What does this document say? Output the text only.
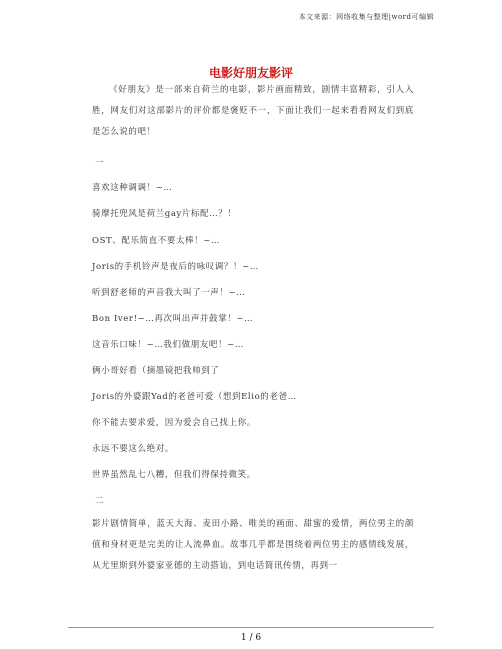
本文来源：网络收集与整理|word可编辑
电影好朋友影评
《好朋友》是一部来自荷兰的电影，影片画面精致，剧情丰富精彩，引人入胜，网友们对这部影片的评价都是褒贬不一，下面让我们一起来看看网友们到底是怎么说的吧！
一
喜欢这种调调！~…
骑摩托兜风是荷兰gay片标配…？！
OST、配乐简直不要太棒！~…
Joris的手机铃声是夜后的咏叹调？！~…
听到舒老师的声音我大叫了一声！~…
Bon Iver!~…再次叫出声并鼓掌！~…
这音乐口味！~…我们做朋友吧！~…
俩小哥好看（摘墨镜把我帅到了
Joris的外婆跟Yad的老爸可爱（想到Elio的老爸…
你不能去要求爱，因为爱会自己找上你。
永远不要这么绝对。
世界虽然乱七八糟，但我们得保持微笑。
二
影片剧情简单，蓝天大海、麦田小路、唯美的画面、甜蜜的爱情，两位男主的颜值和身材更是完美的让人流鼻血。故事几乎都是围绕着两位男主的感情线发展，从尤里斯到外婆家亚德的主动搭讪，到电话简讯传情，再到一
1 / 6
